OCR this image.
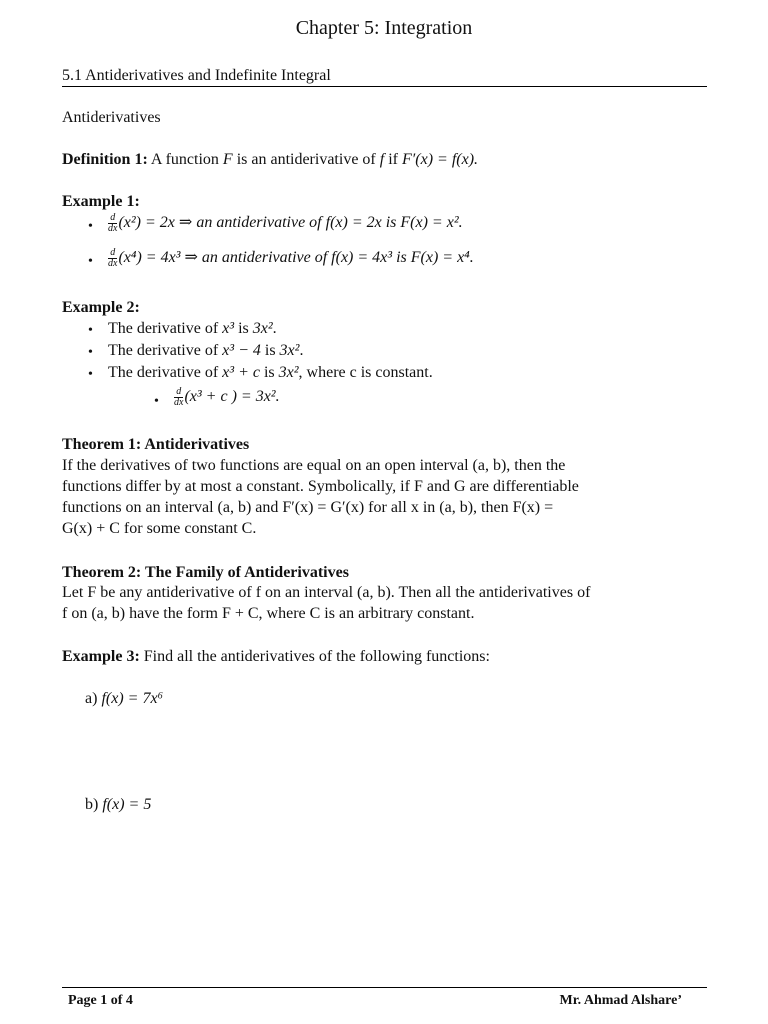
Chapter 5: Integration
5.1 Antiderivatives and Indefinite Integral
Antiderivatives
Definition 1: A function F is an antiderivative of f if F′(x) = f(x).
Example 1:
• $\frac{d}{dx} (x^2) = 2x$ ⇒ an antiderivative of f(x) = 2x is F(x) = x².
• $\frac{d}{dx} (x^4) = 4x^3$ ⇒ an antiderivative of f(x) = 4x³ is F(x) = x⁴.
Example 2:
• The derivative of x³ is 3x².
• The derivative of x³ − 4 is 3x².
• The derivative of x³ + c is 3x², where c is constant.
• $\frac{d}{dx} (x^3 + c$ ) = 3x².
Theorem 1: Antiderivatives
If the derivatives of two functions are equal on an open interval (a, b), then the
functions differ by at most a constant. Symbolically, if F and G are differentiable
functions on an interval (a, b) and F′(x) = G′(x) for all x in (a, b), then F(x) =
G(x) + C for some constant C.
Theorem 2: The Family of Antiderivatives
Let F be any antiderivative of f on an interval (a, b). Then all the antiderivatives of
f on (a, b) have the form F + C, where C is an arbitrary constant.
Example 3: Find all the antiderivatives of the following functions:
a) f(x) = 7x⁶
b) f(x) = 5
Page 1 of 4	Mr. Ahmad Alshare’
